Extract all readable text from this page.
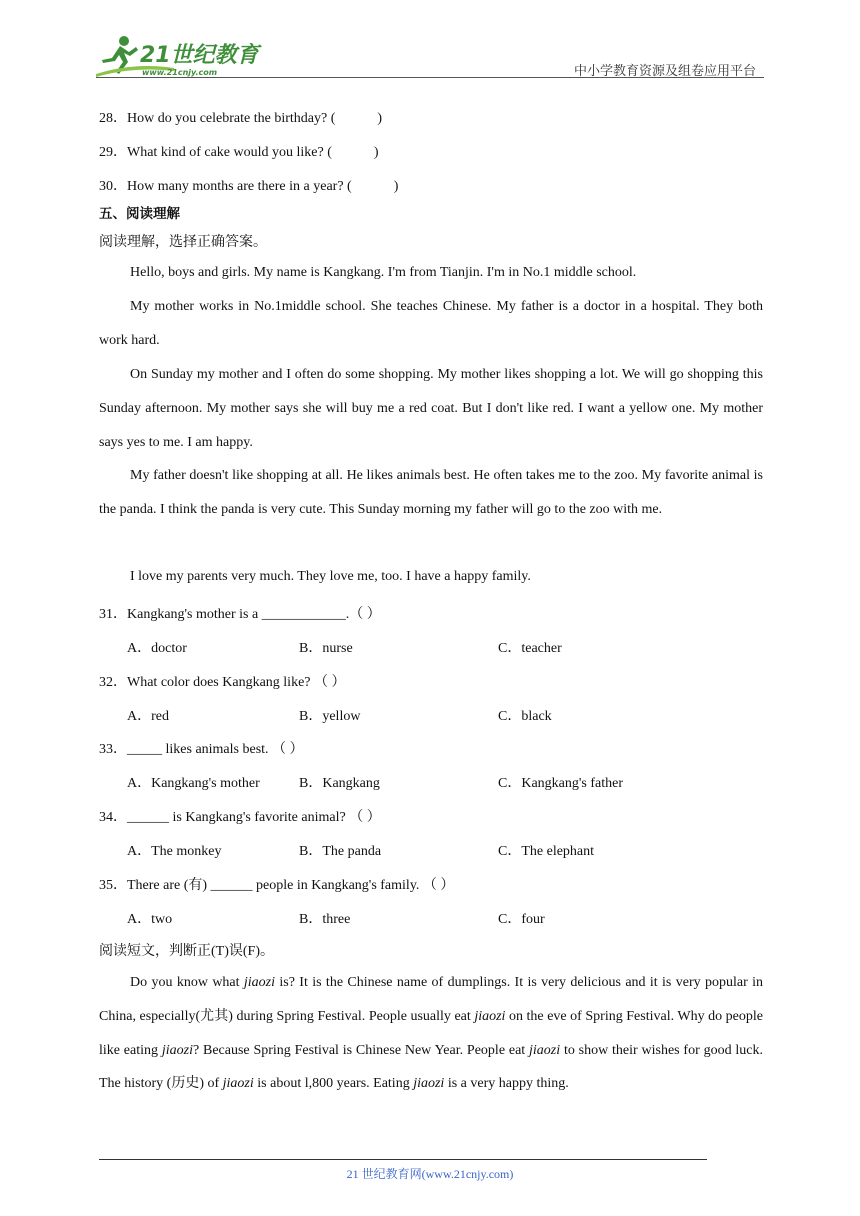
21世纪教育
www.21cnjy.com	中小学教育资源及组卷应用平台
28．How do you celebrate the birthday? (            )
29．What kind of cake would you like? (            )
30．How many months are there in a year? (            )
五、阅读理解
阅读理解，选择正确答案。
Hello, boys and girls. My name is Kangkang. I'm from Tianjin. I'm in No.1 middle school.
My mother works in No.1middle school. She teaches Chinese. My father is a doctor in a hospital. They both work hard.
On Sunday my mother and I often do some shopping. My mother likes shopping a lot. We will go shopping this Sunday afternoon. My mother says she will buy me a red coat. But I don't like red. I want a yellow one. My mother says yes to me. I am happy.
My father doesn't like shopping at all. He likes animals best. He often takes me to the zoo. My favorite animal is the panda. I think the panda is very cute. This Sunday morning my father will go to the zoo with me.
I love my parents very much. They love me, too. I have a happy family.
31．Kangkang's mother is a ____________.（ ）
A．doctor	B．nurse	C．teacher
32．What color does Kangkang like? （ ）
A．red	B．yellow	C．black
33．_____ likes animals best. （ ）
A．Kangkang's mother	B．Kangkang	C．Kangkang's father
34．______ is Kangkang's favorite animal? （ ）
A．The monkey	B．The panda	C．The elephant
35．There are (有) ______ people in Kangkang's family. （ ）
A．two	B．three	C．four
阅读短文，判断正(T)误(F)。
Do you know what jiaozi is? It is the Chinese name of dumplings. It is very delicious and it is very popular in China, especially(尤其) during Spring Festival. People usually eat jiaozi on the eve of Spring Festival. Why do people like eating jiaozi? Because Spring Festival is Chinese New Year. People eat jiaozi to show their wishes for good luck. The history (历史) of jiaozi is about l,800 years. Eating jiaozi is a very happy thing.
21 世纪教育网(www.21cnjy.com)
